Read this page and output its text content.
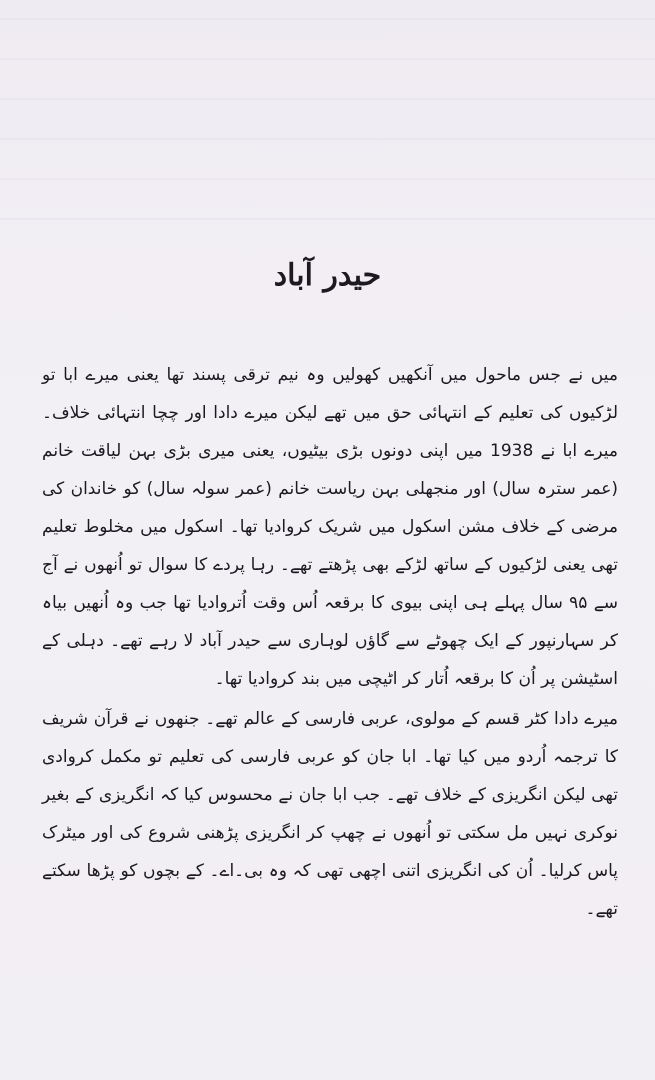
حیدر آباد

میں نے جس ماحول میں آنکھیں کھولیں وہ نیم ترقی پسند تھا یعنی میرے ابا تو لڑکیوں کی تعلیم کے انتہائی حق میں تھے لیکن میرے دادا اور چچا انتہائی خلاف۔ میرے ابا نے 1938 میں اپنی دونوں بڑی بیٹیوں، یعنی میری بڑی بہن لیاقت خانم (عمر سترہ سال) اور منجھلی بہن ریاست خانم (عمر سولہ سال) کو خاندان کی مرضی کے خلاف مشن اسکول میں شریک کروادیا تھا۔ اسکول میں مخلوط تعلیم تھی یعنی لڑکیوں کے ساتھ لڑکے بھی پڑھتے تھے۔ رہا پردے کا سوال تو اُنھوں نے آج سے ۹۵ سال پہلے ہی اپنی بیوی کا برقعہ اُس وقت اُتروادیا تھا جب وہ اُنھیں بیاہ کر سہارنپور کے ایک چھوٹے سے گاؤں لوہاری سے حیدر آباد لا رہے تھے۔ دہلی کے اسٹیشن پر اُن کا برقعہ اُتار کر اٹیچی میں بند کروادیا تھا۔

میرے دادا کٹر قسم کے مولوی، عربی فارسی کے عالم تھے۔ جنھوں نے قرآن شریف کا ترجمہ اُردو میں کیا تھا۔ ابا جان کو عربی فارسی کی تعلیم تو مکمل کروادی تھی لیکن انگریزی کے خلاف تھے۔ جب ابا جان نے محسوس کیا کہ انگریزی کے بغیر نوکری نہیں مل سکتی تو اُنھوں نے چھپ کر انگریزی پڑھنی شروع کی اور میٹرک پاس کرلیا۔ اُن کی انگریزی اتنی اچھی تھی کہ وہ بی۔اے۔ کے بچوں کو پڑھا سکتے تھے۔
